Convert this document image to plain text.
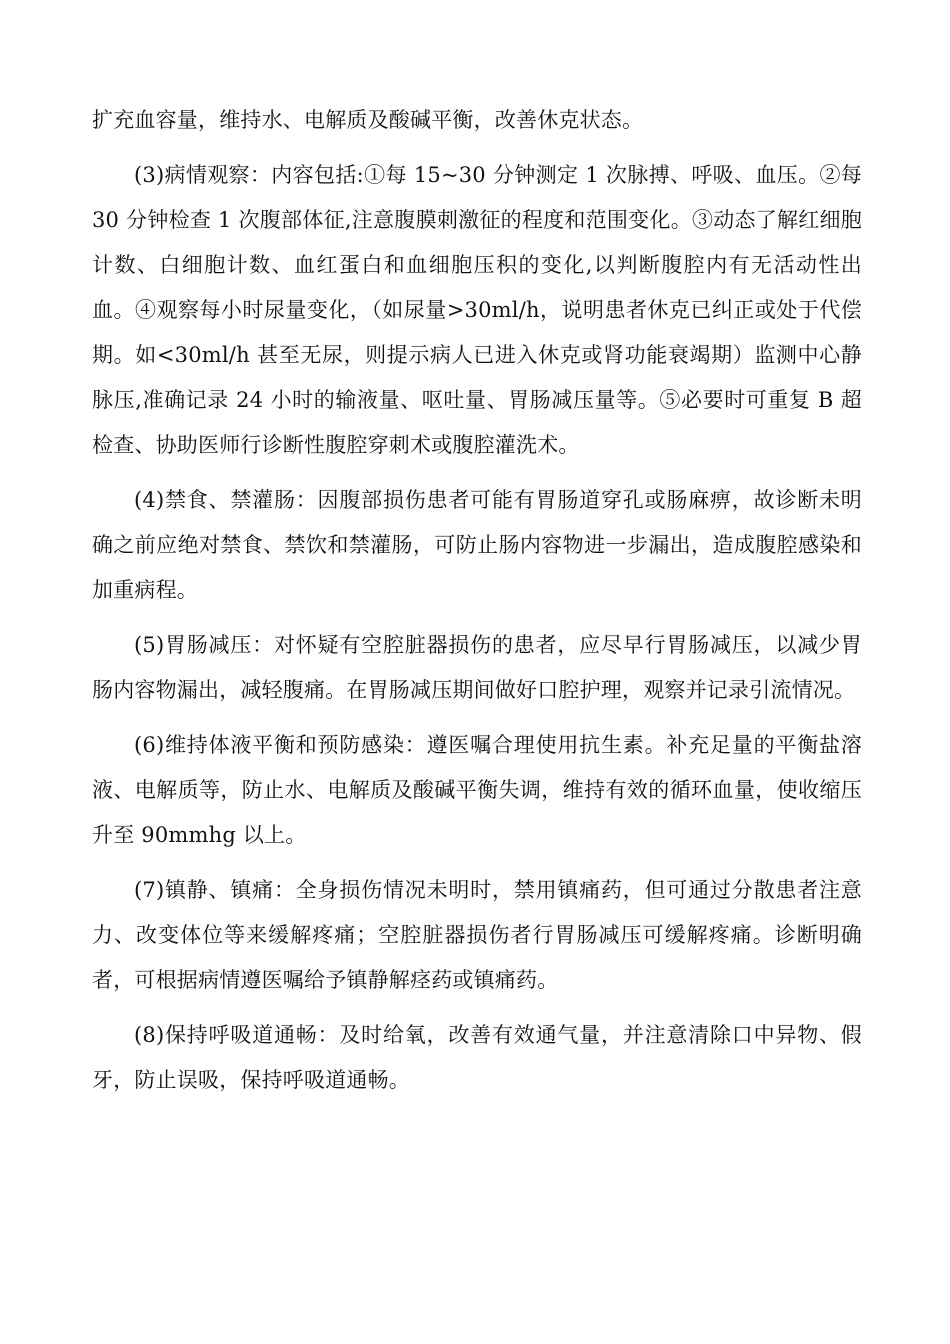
扩充血容量，维持水、电解质及酸碱平衡，改善休克状态。

(3)病情观察：内容包括:①每 15~30 分钟测定 1 次脉搏、呼吸、血压。②每 30 分钟检查 1 次腹部体征,注意腹膜刺激征的程度和范围变化。③动态了解红细胞计数、白细胞计数、血红蛋白和血细胞压积的变化,以判断腹腔内有无活动性出血。④观察每小时尿量变化，（如尿量>30ml/h，说明患者休克已纠正或处于代偿期。如<30ml/h 甚至无尿，则提示病人已进入休克或肾功能衰竭期）监测中心静脉压,准确记录 24 小时的输液量、呕吐量、胃肠减压量等。⑤必要时可重复 B 超检查、协助医师行诊断性腹腔穿刺术或腹腔灌洗术。

(4)禁食、禁灌肠：因腹部损伤患者可能有胃肠道穿孔或肠麻痹，故诊断未明确之前应绝对禁食、禁饮和禁灌肠，可防止肠内容物进一步漏出，造成腹腔感染和加重病程。

(5)胃肠减压：对怀疑有空腔脏器损伤的患者，应尽早行胃肠减压，以减少胃肠内容物漏出，减轻腹痛。在胃肠减压期间做好口腔护理，观察并记录引流情况。

(6)维持体液平衡和预防感染：遵医嘱合理使用抗生素。补充足量的平衡盐溶液、电解质等，防止水、电解质及酸碱平衡失调，维持有效的循环血量，使收缩压升至 90mmhg 以上。

(7)镇静、镇痛：全身损伤情况未明时，禁用镇痛药，但可通过分散患者注意力、改变体位等来缓解疼痛；空腔脏器损伤者行胃肠减压可缓解疼痛。诊断明确者，可根据病情遵医嘱给予镇静解痉药或镇痛药。

(8)保持呼吸道通畅：及时给氧，改善有效通气量，并注意清除口中异物、假牙，防止误吸，保持呼吸道通畅。
